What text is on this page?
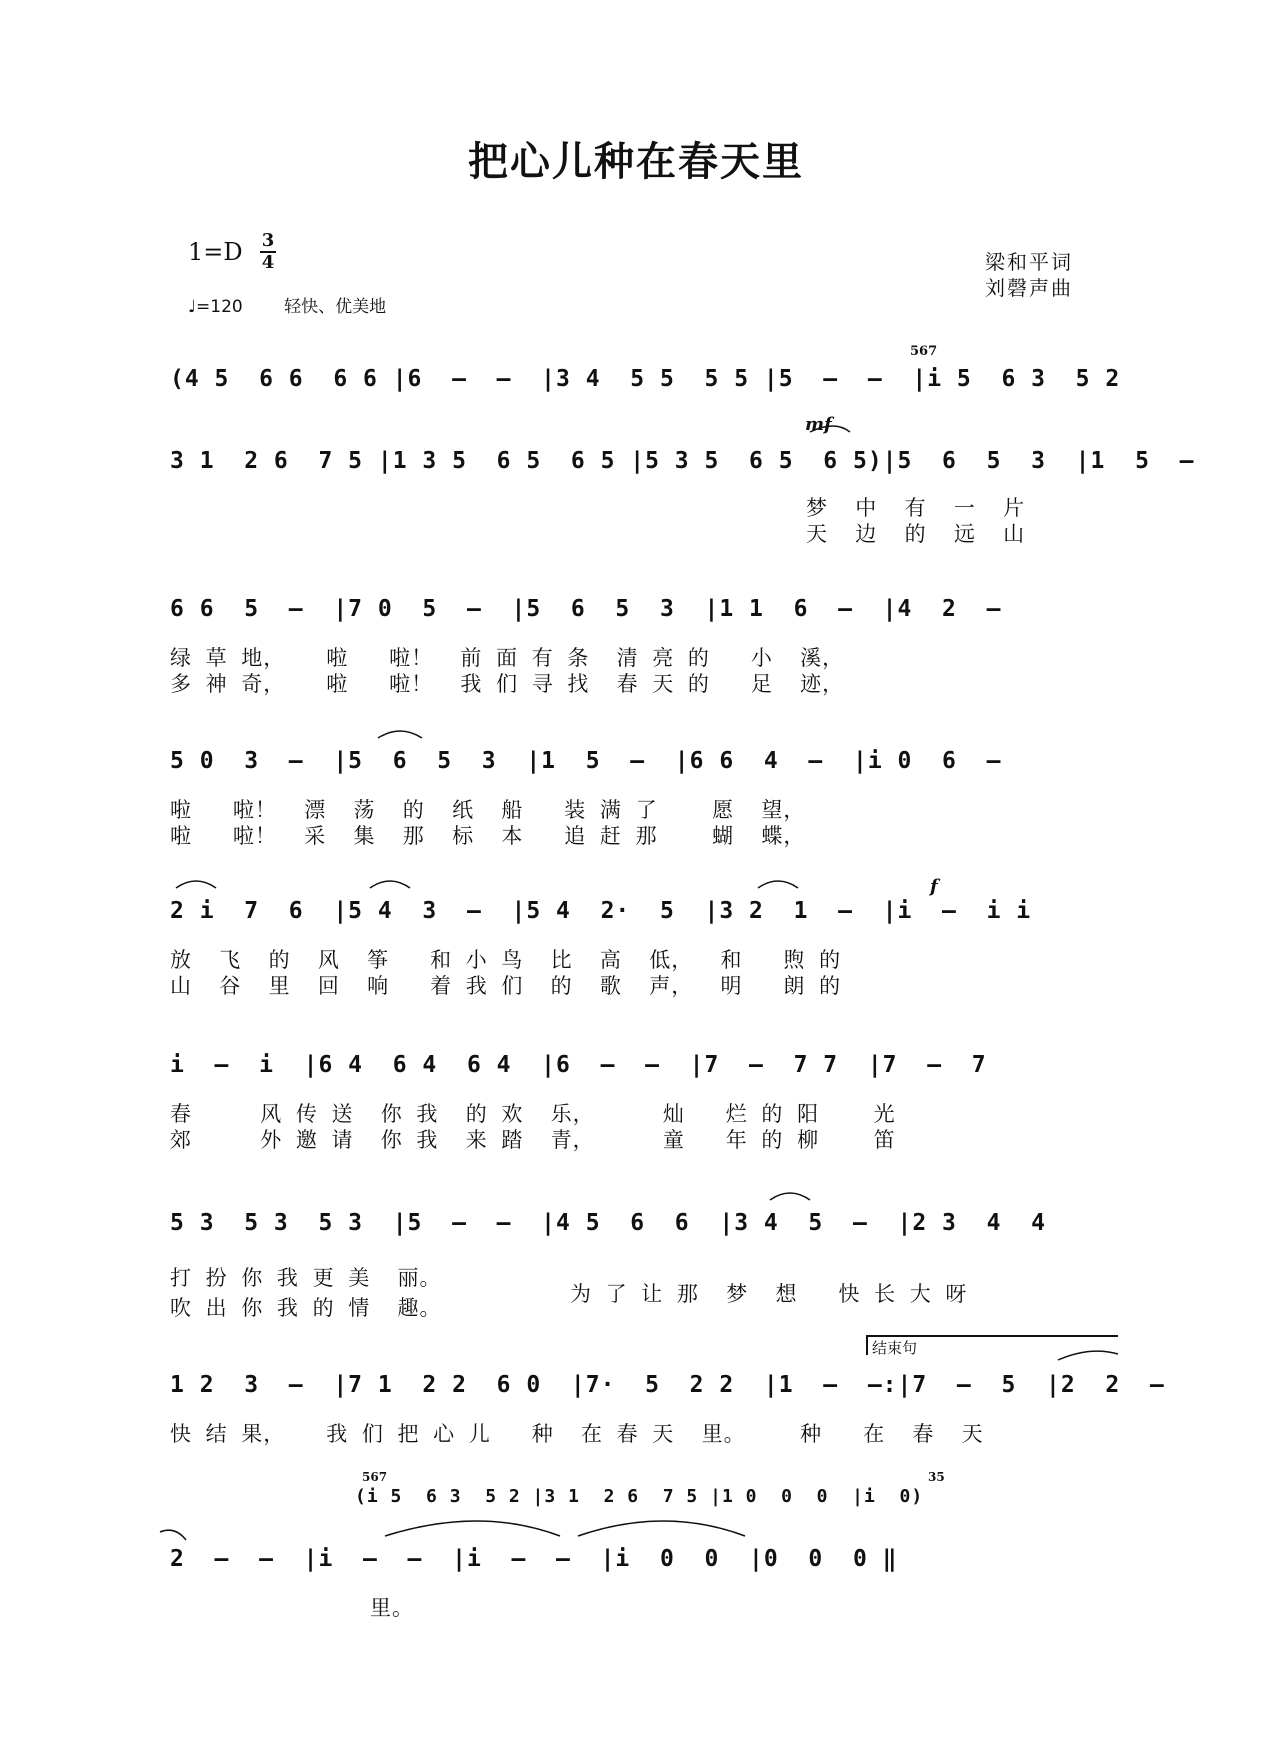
把心儿种在春天里
1=D 3
4
♩=120 轻快、优美地
梁和平词
刘磬声曲
(4 5  6 6  6 6 |6  –  –  |3 4  5 5  5 5 |5  –  –  |i 5  6 3  5 2
567
mf
3 1  2 6  7 5 |1 3 5  6 5  6 5 |5 3 5  6 5  6 5)|5  6  5  3  |1  5  –
梦  中  有  一  片
天  边  的  远  山
6 6  5  –  |7 0  5  –  |5  6  5  3  |1 1  6  –  |4  2  –
绿 草 地，   啦   啦！  前 面 有 条  清 亮 的   小  溪，
多 神 奇，   啦   啦！  我 们 寻 找  春 天 的   足  迹，
5 0  3  –  |5  6  5  3  |1  5  –  |6 6  4  –  |i 0  6  –
啦   啦！  漂  荡  的  纸  船   装 满 了    愿  望，
啦   啦！  采  集  那  标  本   追 赶 那    蝴  蝶，
f
2 i  7  6  |5 4  3  –  |5 4  2·  5  |3 2  1  –  |i  –  i i
放  飞  的  风  筝   和 小 鸟  比  高  低，  和   煦 的
山  谷  里  回  响   着 我 们  的  歌  声，  明   朗 的
i  –  i  |6 4  6 4  6 4  |6  –  –  |7  –  7 7  |7  –  7
春     风 传 送  你 我  的 欢  乐，     灿   烂 的 阳    光
郊     外 邀 请  你 我  来 踏  青，     童   年 的 柳    笛
5 3  5 3  5 3  |5  –  –  |4 5  6  6  |3 4  5  –  |2 3  4  4
打 扮 你 我 更 美  丽。
吹 出 你 我 的 情  趣。
为 了 让 那  梦  想   快 长 大 呀
结束句
1 2  3  –  |7 1  2 2  6 0  |7·  5  2 2  |1  –  –:|7  –  5  |2  2  –
快 结 果，   我 们 把 心 儿   种  在 春 天  里。    种   在  春  天
(i 5  6 3  5 2 |3 1  2 6  7 5 |1 0  0  0  |i  0)
567	35
2  –  –  |i  –  –  |i  –  –  |i  0  0  |0  0  0 ‖
里。
